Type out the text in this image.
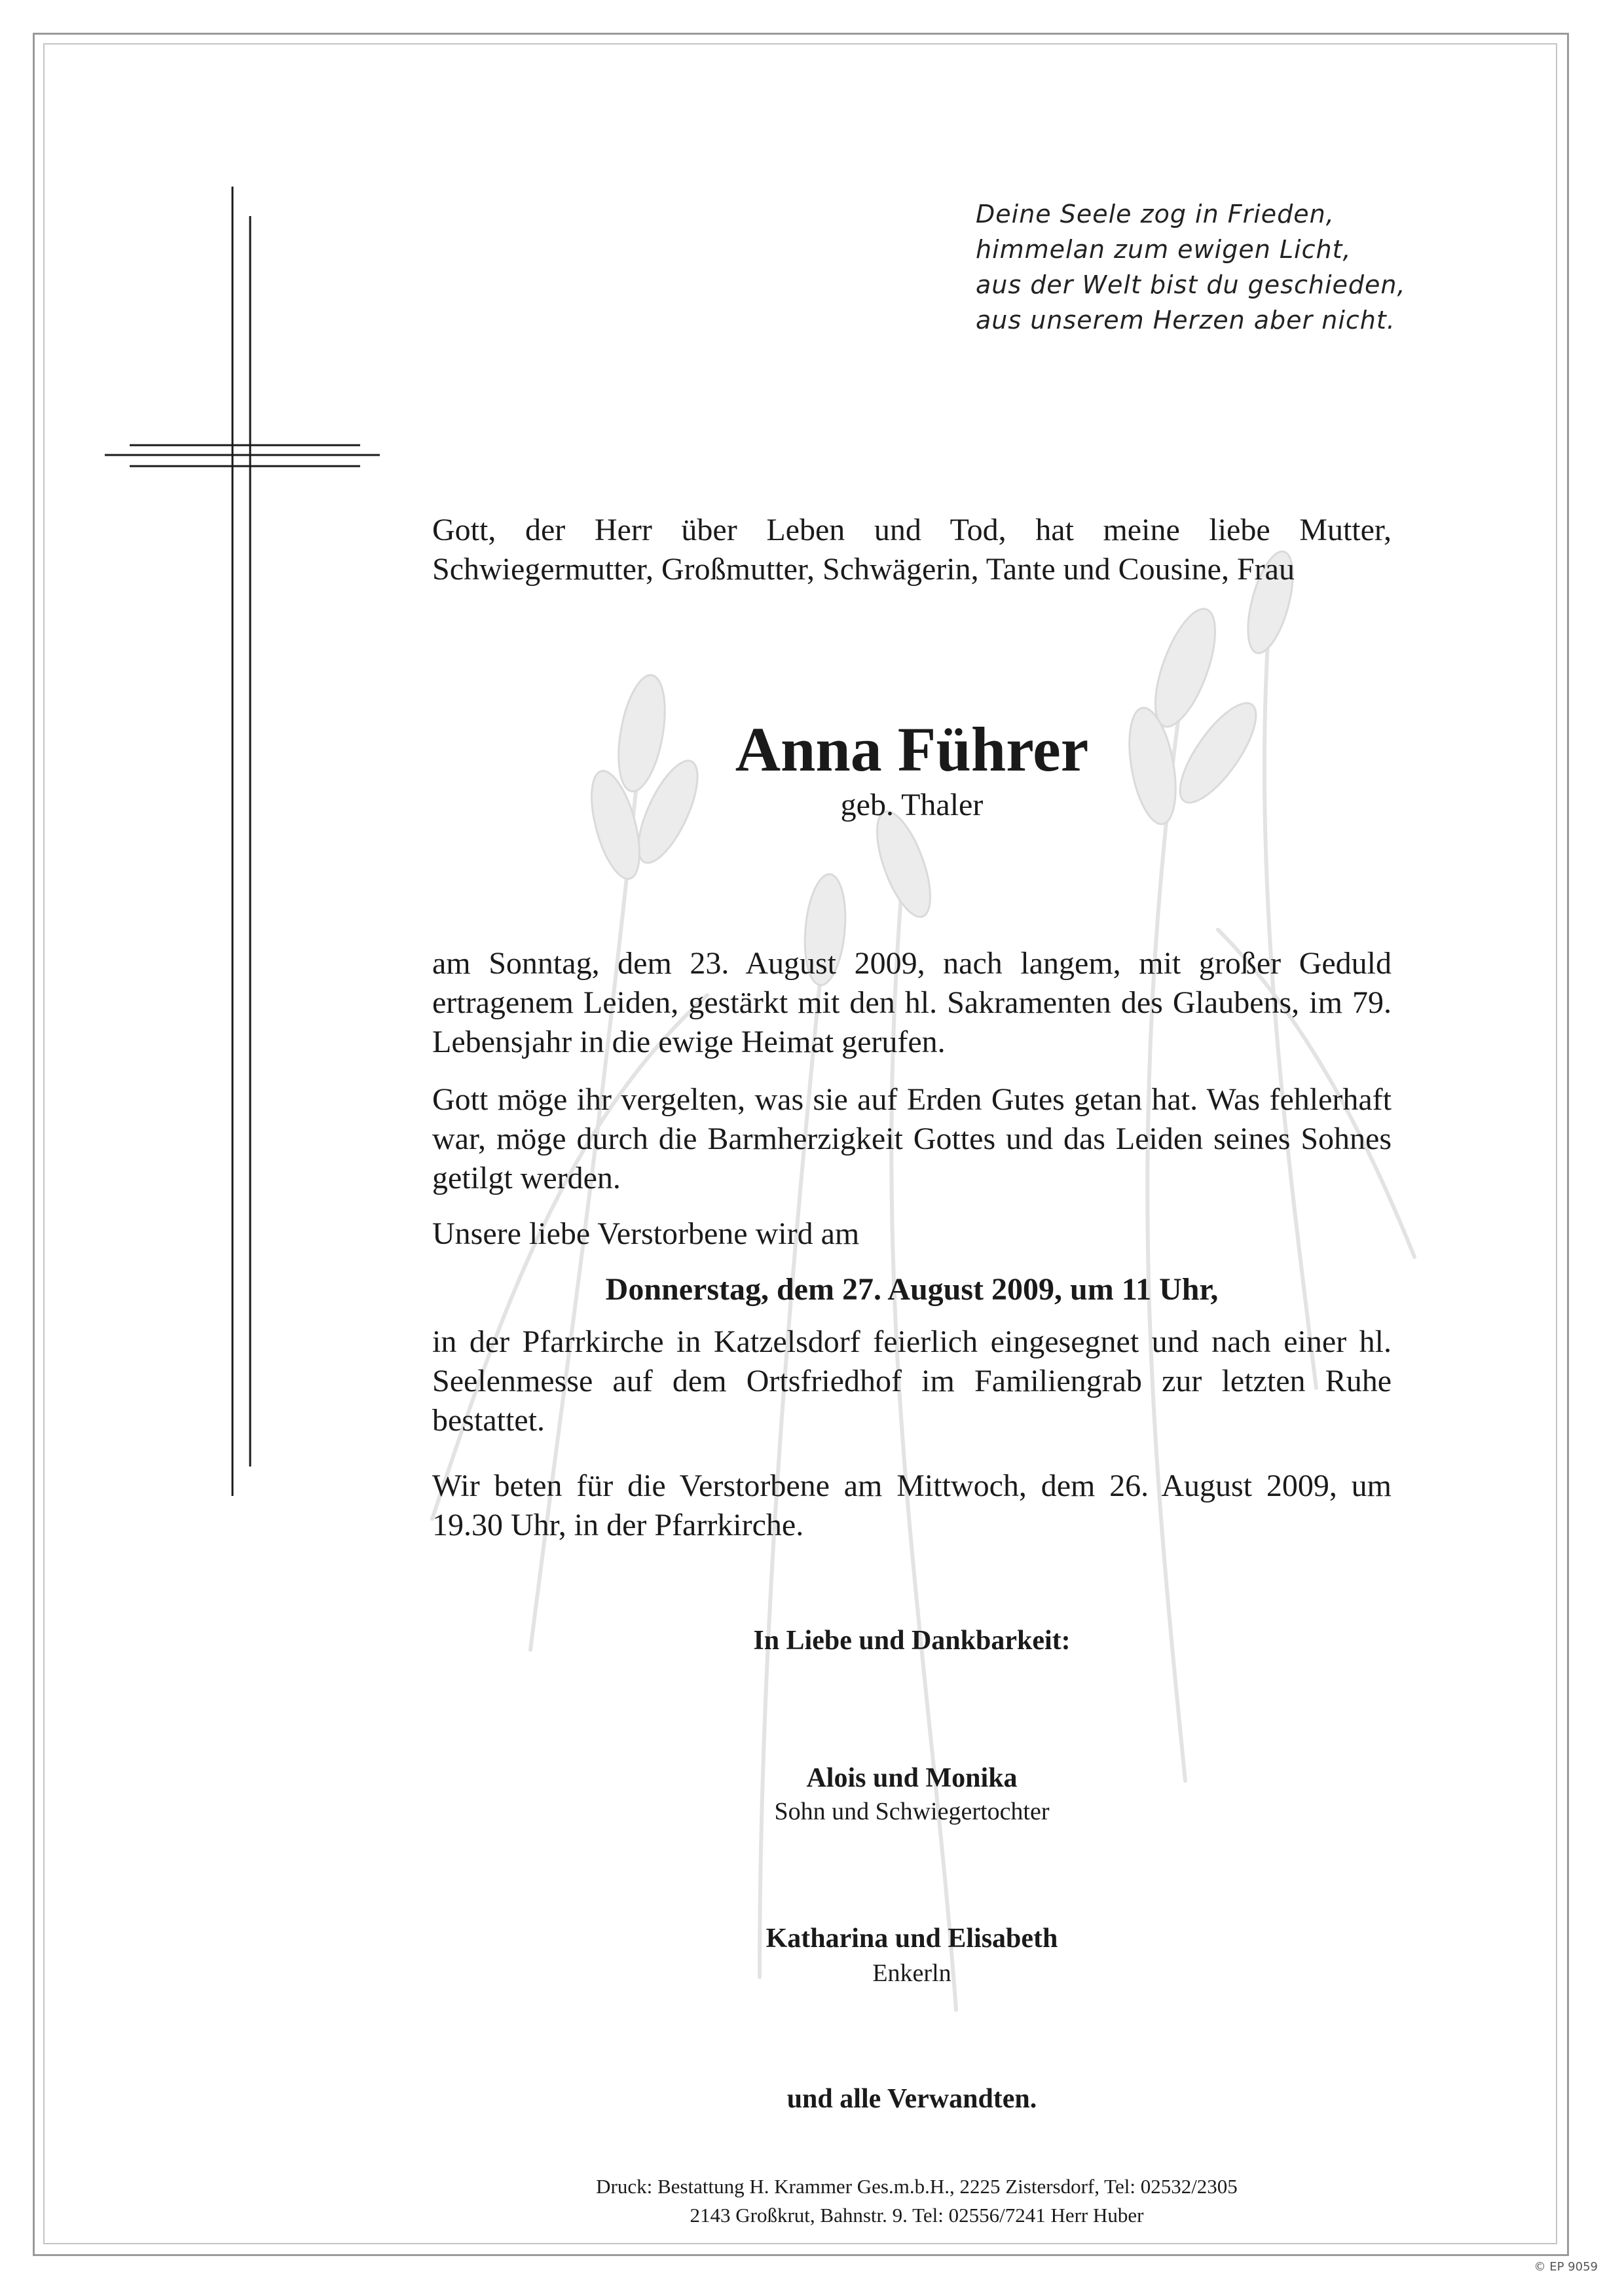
Deine Seele zog in Frieden,
himmelan zum ewigen Licht,
aus der Welt bist du geschieden,
aus unserem Herzen aber nicht.
Gott, der Herr über Leben und Tod, hat meine liebe Mutter, Schwiegermutter, Großmutter, Schwägerin, Tante und Cousine, Frau
Anna Führer
geb. Thaler
am Sonntag, dem 23. August 2009, nach langem, mit großer Geduld ertragenem Leiden, gestärkt mit den hl. Sakramenten des Glaubens, im 79. Lebensjahr in die ewige Heimat gerufen.
Gott möge ihr vergelten, was sie auf Erden Gutes getan hat. Was fehlerhaft war, möge durch die Barmherzigkeit Gottes und das Leiden seines Sohnes getilgt werden.
Unsere liebe Verstorbene wird am
Donnerstag, dem 27. August 2009, um 11 Uhr,
in der Pfarrkirche in Katzelsdorf feierlich eingesegnet und nach einer hl. Seelenmesse auf dem Ortsfriedhof im Familiengrab zur letzten Ruhe bestattet.
Wir beten für die Verstorbene am Mittwoch, dem 26. August 2009, um 19.30 Uhr, in der Pfarrkirche.
In Liebe und Dankbarkeit:
Alois und Monika
Sohn und Schwiegertochter
Katharina und Elisabeth
Enkerln
und alle Verwandten.
Druck: Bestattung H. Krammer Ges.m.b.H., 2225 Zistersdorf, Tel: 02532/2305
2143 Großkrut, Bahnstr. 9. Tel: 02556/7241 Herr Huber
© EP 9059
